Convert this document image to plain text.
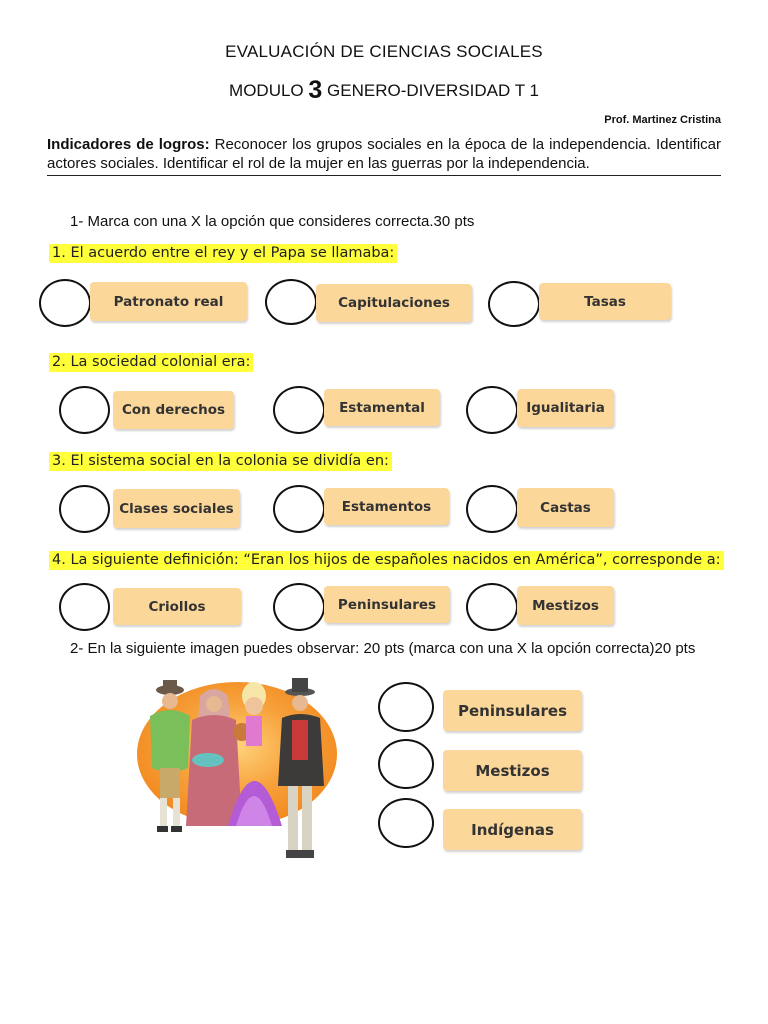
EVALUACIÓN DE CIENCIAS SOCIALES
MODULO 3 GENERO-DIVERSIDAD T 1
Prof. Martinez Cristina
Indicadores de logros: Reconocer los grupos sociales en la época de la independencia. Identificar actores sociales. Identificar el rol de la mujer en las guerras por la independencia.
1- Marca con una X la opción que consideres correcta.30 pts
1. El acuerdo entre el rey y el Papa se llamaba:
Patronato real	Capitulaciones	Tasas
2. La sociedad colonial era:
Con derechos	Estamental	Igualitaria
3. El sistema social en la colonia se dividía en:
Clases sociales	Estamentos	Castas
4. La siguiente definición: “Eran los hijos de españoles nacidos en América”, corresponde a:
Criollos	Peninsulares	Mestizos
2- En la siguiente imagen puedes observar: 20 pts (marca con una X la opción correcta)20 pts
Peninsulares
Mestizos
Indígenas
